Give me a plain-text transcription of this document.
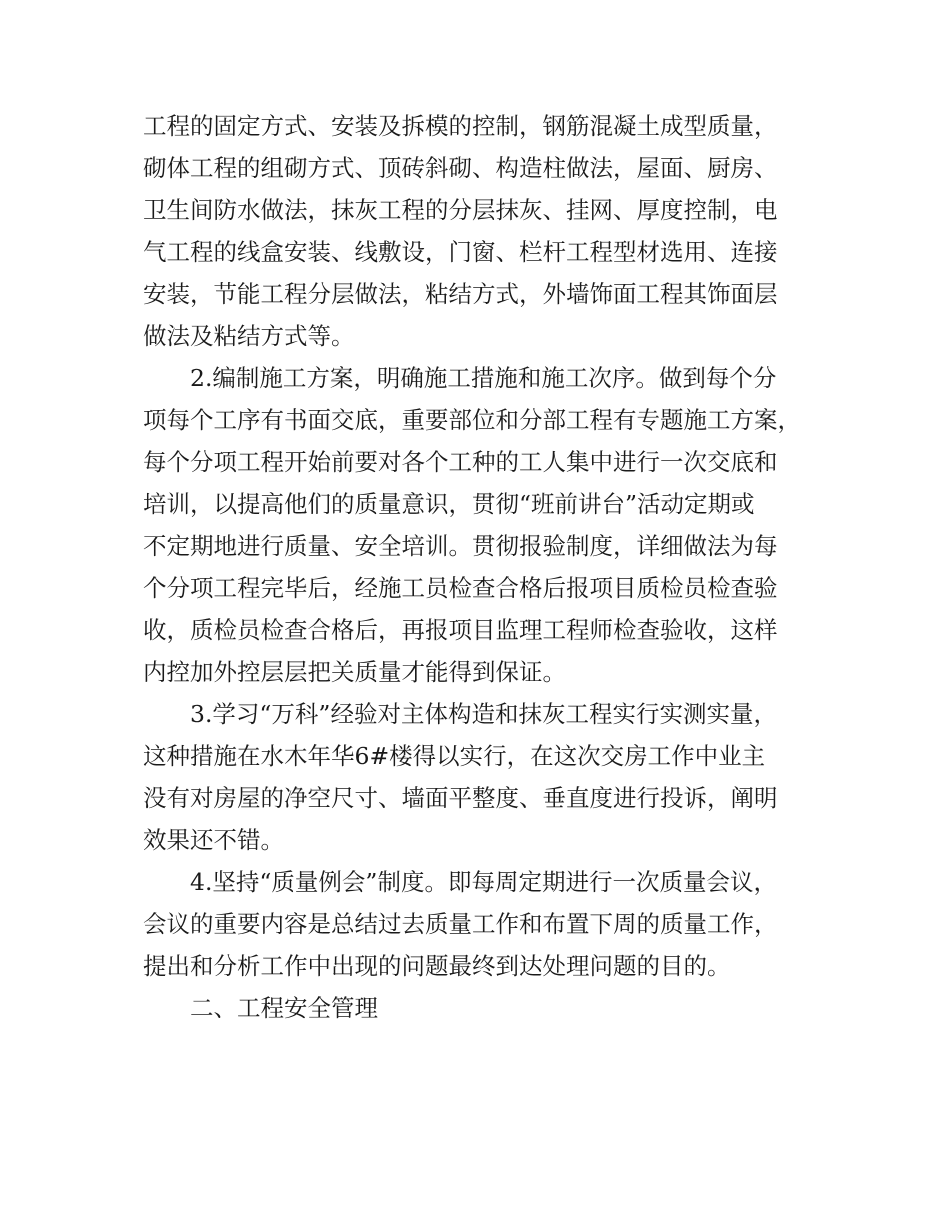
工程的固定方式、安装及拆模的控制，钢筋混凝土成型质量，
砌体工程的组砌方式、顶砖斜砌、构造柱做法，屋面、厨房、
卫生间防水做法，抹灰工程的分层抹灰、挂网、厚度控制，电
气工程的线盒安装、线敷设，门窗、栏杆工程型材选用、连接
安装，节能工程分层做法，粘结方式，外墙饰面工程其饰面层
做法及粘结方式等。
2.编制施工方案，明确施工措施和施工次序。做到每个分
项每个工序有书面交底，重要部位和分部工程有专题施工方案，
每个分项工程开始前要对各个工种的工人集中进行一次交底和
培训，以提高他们的质量意识，贯彻“班前讲台”活动定期或
不定期地进行质量、安全培训。贯彻报验制度，详细做法为每
个分项工程完毕后，经施工员检查合格后报项目质检员检查验
收，质检员检查合格后，再报项目监理工程师检查验收，这样
内控加外控层层把关质量才能得到保证。
3.学习“万科”经验对主体构造和抹灰工程实行实测实量，
这种措施在水木年华6#楼得以实行，在这次交房工作中业主
没有对房屋的净空尺寸、墙面平整度、垂直度进行投诉，阐明
效果还不错。
4.坚持“质量例会”制度。即每周定期进行一次质量会议，
会议的重要内容是总结过去质量工作和布置下周的质量工作，
提出和分析工作中出现的问题最终到达处理问题的目的。
二、工程安全管理
